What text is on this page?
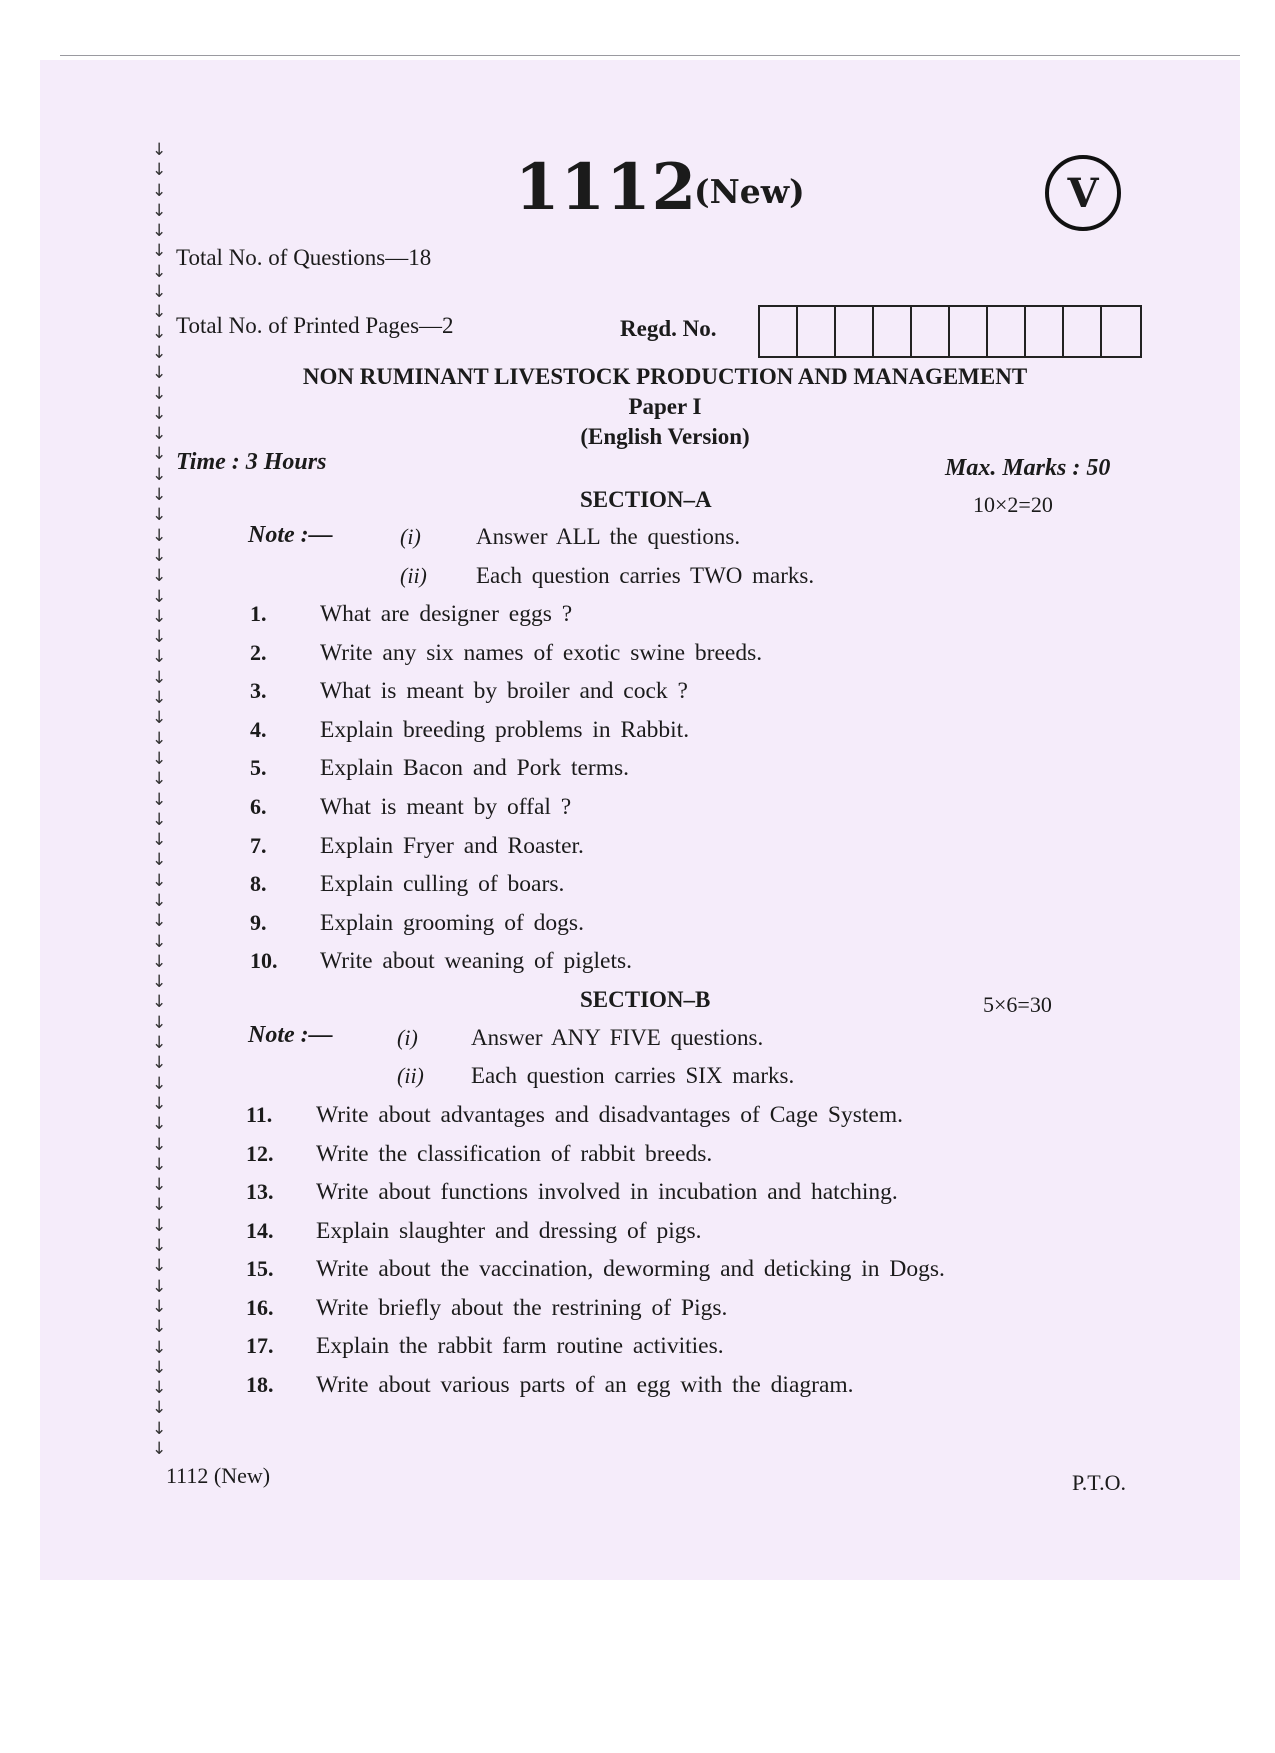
↓
↓
↓
↓
↓
↓
↓
↓
↓
↓
↓
↓
↓
↓
↓
↓
↓
↓
↓
↓
↓
↓
↓
↓
↓
↓
↓
↓
↓
↓
↓
↓
↓
↓
↓
↓
↓
↓
↓
↓
↓
↓
↓
↓
↓
↓
↓
↓
↓
↓
↓
↓
↓
↓
↓
↓
↓
↓
↓
↓
↓
↓
↓
↓
↓
1112
(New)	V
Total No. of Questions—18
Total No. of Printed Pages—2	Regd. No.
NON RUMINANT LIVESTOCK PRODUCTION AND MANAGEMENT
Paper I
(English Version)
Time : 3 Hours	Max. Marks : 50
SECTION–A	10×2=20
Note :—	(i) Answer ALL the questions.
(ii) Each question carries TWO marks.
1.	What are designer eggs ?
2.	Write any six names of exotic swine breeds.
3.	What is meant by broiler and cock ?
4.	Explain breeding problems in Rabbit.
5.	Explain Bacon and Pork terms.
6.	What is meant by offal ?
7.	Explain Fryer and Roaster.
8.	Explain culling of boars.
9.	Explain grooming of dogs.
10.	Write about weaning of piglets.
SECTION–B	5×6=30
Note :—	(i) Answer ANY FIVE questions.
(ii) Each question carries SIX marks.
11.	Write about advantages and disadvantages of Cage System.
12.	Write the classification of rabbit breeds.
13.	Write about functions involved in incubation and hatching.
14.	Explain slaughter and dressing of pigs.
15.	Write about the vaccination, deworming and deticking in Dogs.
16.	Write briefly about the restrining of Pigs.
17.	Explain the rabbit farm routine activities.
18.	Write about various parts of an egg with the diagram.
1112 (New)	P.T.O.
